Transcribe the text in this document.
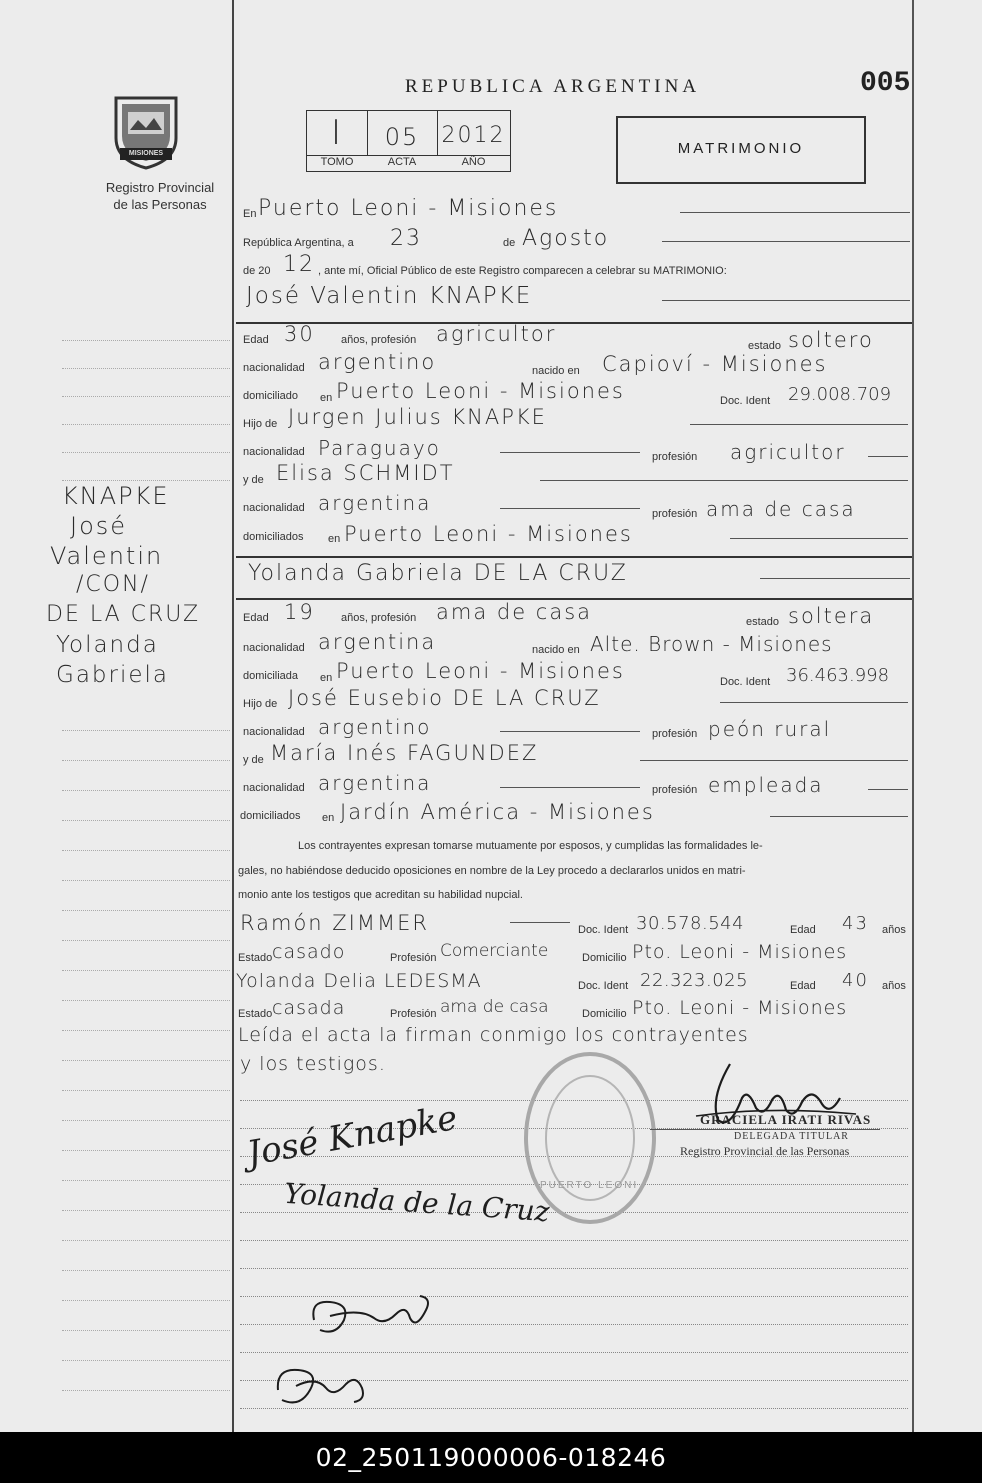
MISIONES
Registro Provincial
de las Personas
REPUBLICA ARGENTINA	005
I	05	2012
TOMO	ACTA	AÑO
MATRIMONIO
KNAPKE
José
Valentin
/CON/
DE LA CRUZ
Yolanda
Gabriela
En Puerto Leoni - Misiones
República Argentina, a 23	de Agosto
de 20 12 , ante mí, Oficial Público de este Registro comparecen a celebrar su MATRIMONIO:
José Valentin KNAPKE
Edad 30 años, profesión agricultor	estado soltero
nacionalidad argentino	nacido en Capioví - Misiones
domiciliado en Puerto Leoni - Misiones	Doc. Ident 29.008.709
Hijo de Jurgen Julius KNAPKE
nacionalidad Paraguayo	profesión agricultor
y de Elisa SCHMIDT
nacionalidad argentina	profesión ama de casa
domiciliados en Puerto Leoni - Misiones
Yolanda Gabriela DE LA CRUZ
Edad 19 años, profesión ama de casa	estado soltera
nacionalidad argentina	nacido en Alte. Brown - Misiones
domiciliada en Puerto Leoni - Misiones	Doc. Ident 36.463.998
Hijo de José Eusebio DE LA CRUZ
nacionalidad argentino	profesión peón rural
y de María Inés FAGUNDEZ
nacionalidad argentina	profesión empleada
domiciliados en Jardín América - Misiones
Los contrayentes expresan tomarse mutuamente por esposos, y cumplidas las formalidades le-
gales, no habiéndose deducido oposiciones en nombre de la Ley procedo a declararlos unidos en matri-
monio ante los testigos que acreditan su habilidad nupcial.
Ramón ZIMMER	Doc. Ident 30.578.544	Edad 43 años
Estado casado	Profesión Comerciante	Domicilio Pto. Leoni - Misiones
Yolanda Delia LEDESMA	Doc. Ident 22.323.025	Edad 40 años
Estado casada	Profesión ama de casa	Domicilio Pto. Leoni - Misiones
Leída el acta la firman conmigo los contrayentes
y los testigos.
PUERTO LEONI
GRACIELA IRATI RIVAS
DELEGADA TITULAR
Registro Provincial de las Personas
José Knapke
Yolanda de la Cruz
02_250119000006-018246
